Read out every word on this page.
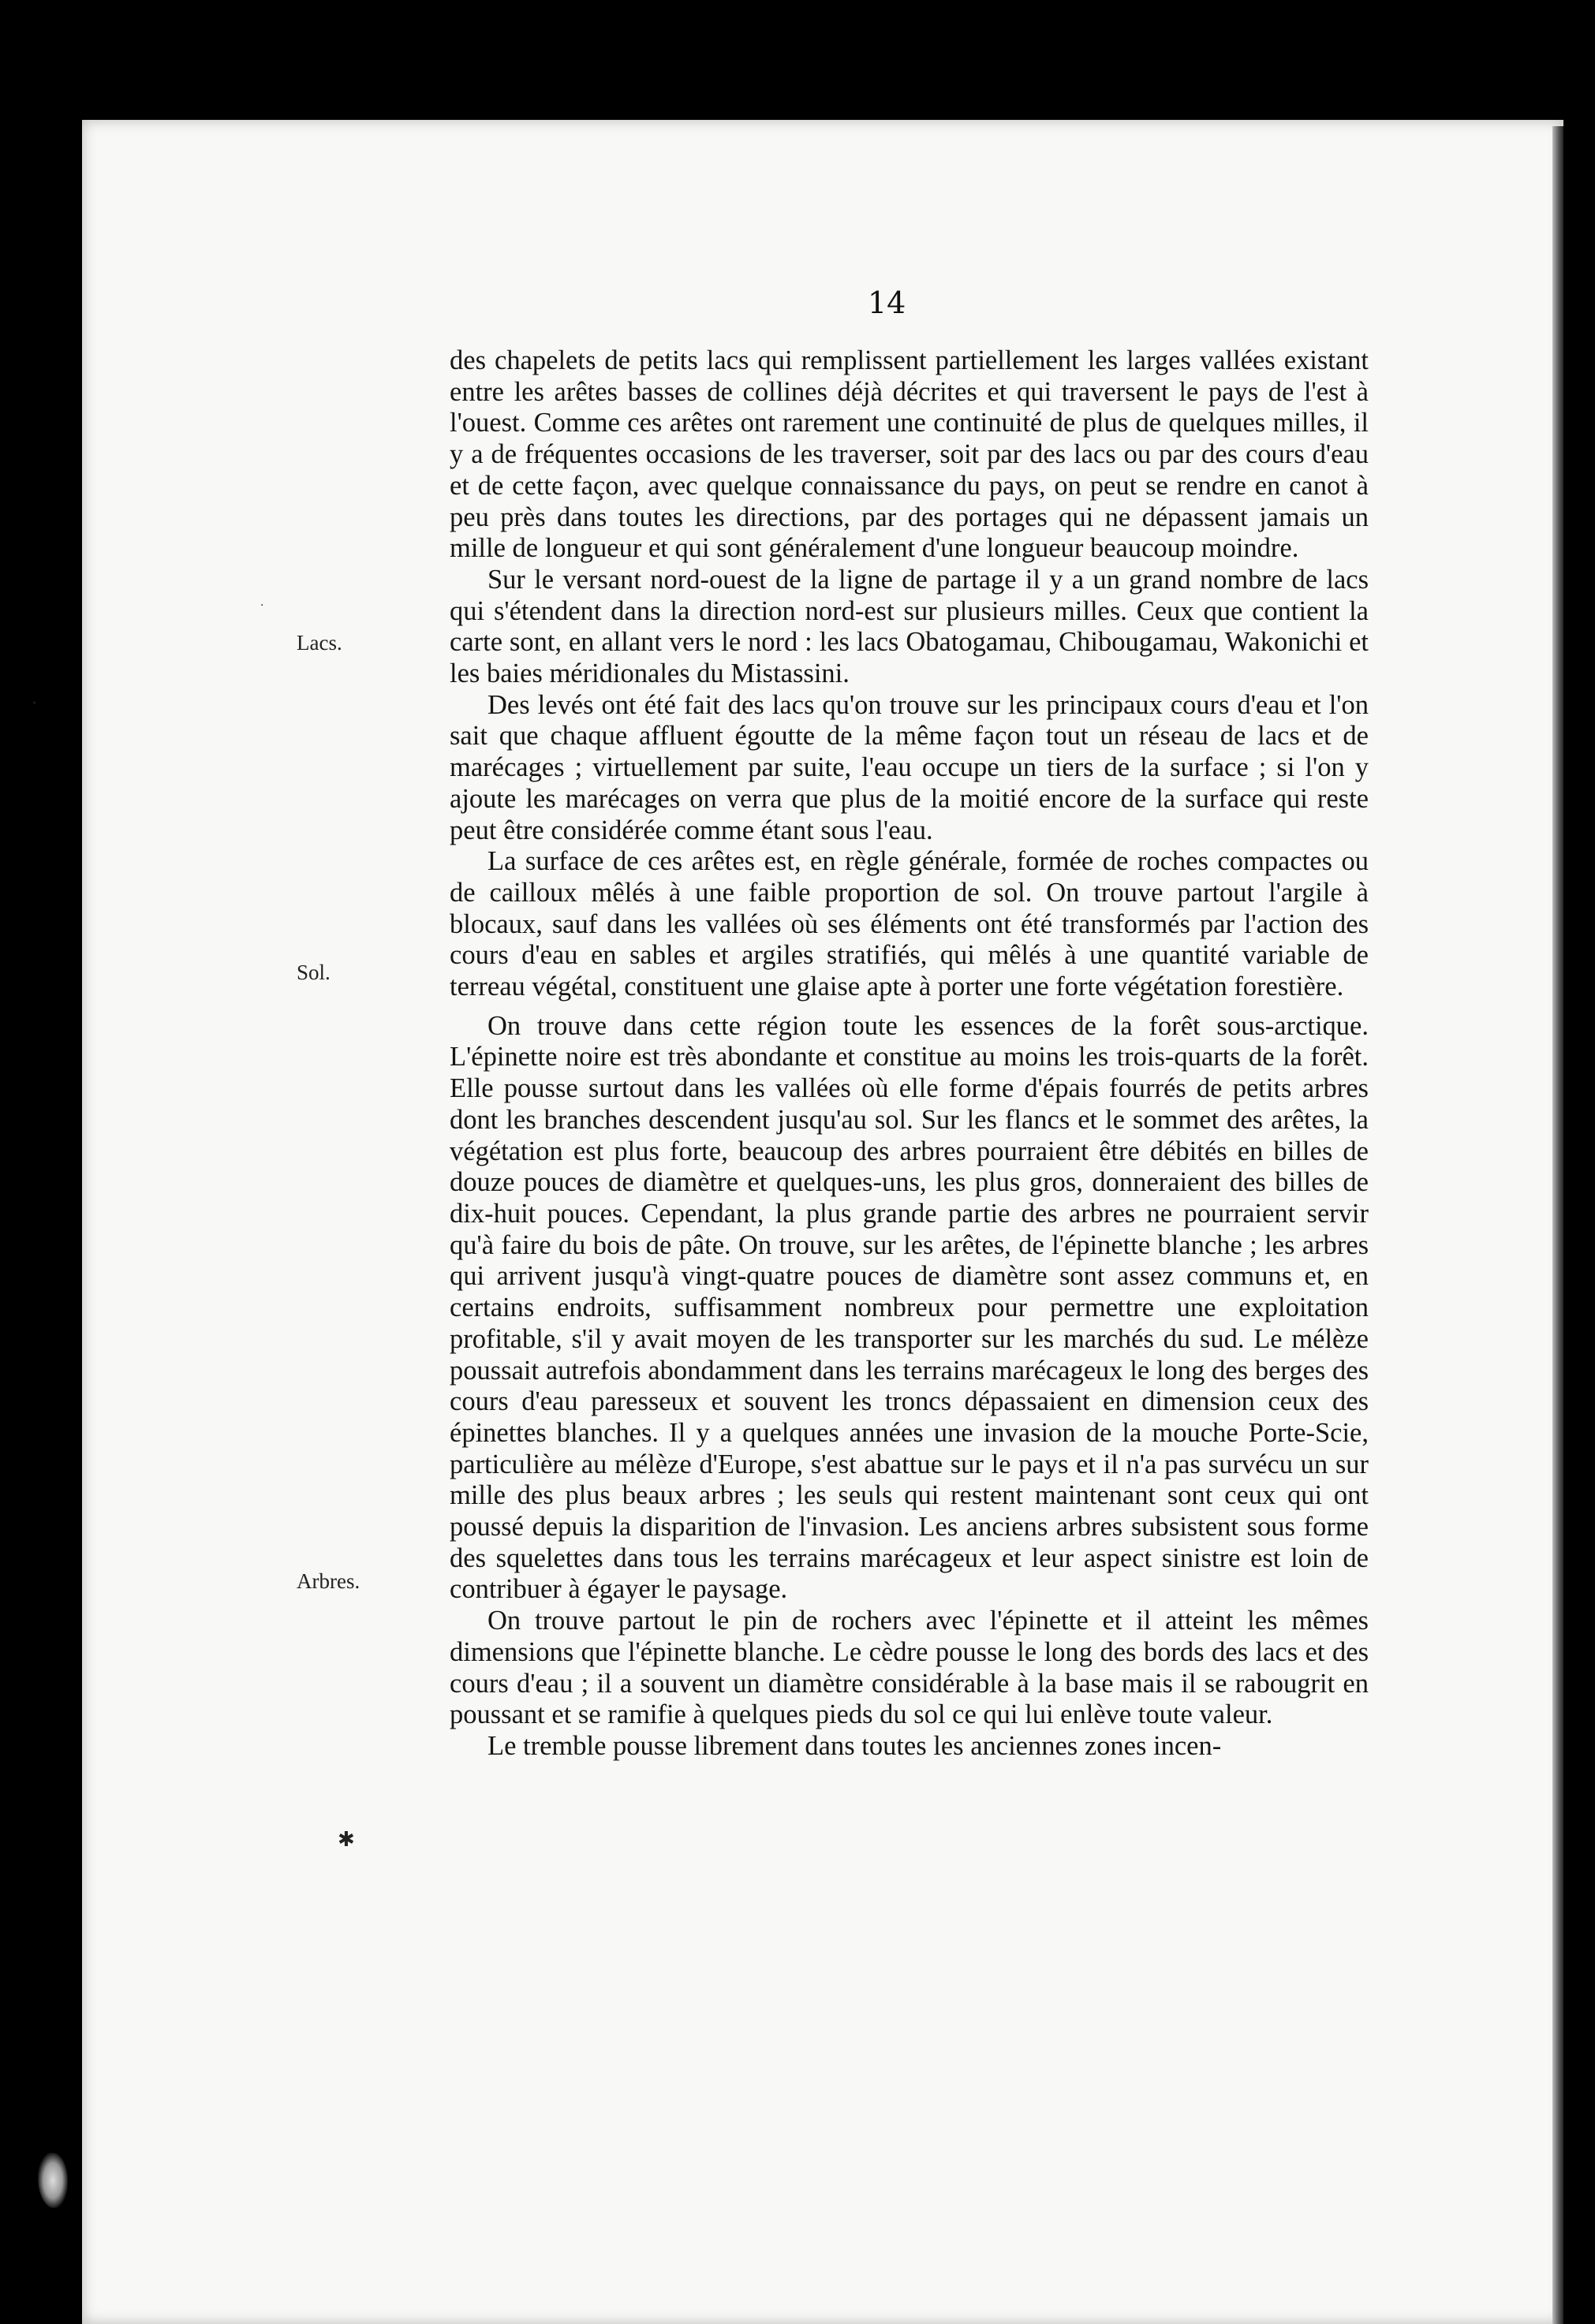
14
Lacs.
Sol.
Arbres.
·
·
✱

des chapelets de petits lacs qui remplissent partiellement les larges vallées existant entre les arêtes basses de collines déjà décrites et qui traversent le pays de l'est à l'ouest. Comme ces arêtes ont rarement une continuité de plus de quelques milles, il y a de fréquentes occasions de les traverser, soit par des lacs ou par des cours d'eau et de cette façon, avec quelque connaissance du pays, on peut se rendre en canot à peu près dans toutes les directions, par des portages qui ne dépassent jamais un mille de longueur et qui sont généralement d'une longueur beaucoup moindre.

Sur le versant nord-ouest de la ligne de partage il y a un grand nombre de lacs qui s'étendent dans la direction nord-est sur plusieurs milles. Ceux que contient la carte sont, en allant vers le nord : les lacs Obatogamau, Chibougamau, Wakonichi et les baies méridionales du Mistassini.

Des levés ont été fait des lacs qu'on trouve sur les principaux cours d'eau et l'on sait que chaque affluent égoutte de la même façon tout un réseau de lacs et de marécages ; virtuellement par suite, l'eau occupe un tiers de la surface ; si l'on y ajoute les marécages on verra que plus de la moitié encore de la surface qui reste peut être considérée comme étant sous l'eau.

La surface de ces arêtes est, en règle générale, formée de roches compactes ou de cailloux mêlés à une faible proportion de sol. On trouve partout l'argile à blocaux, sauf dans les vallées où ses éléments ont été transformés par l'action des cours d'eau en sables et argiles stratifiés, qui mêlés à une quantité variable de terreau végétal, constituent une glaise apte à porter une forte végétation forestière.

On trouve dans cette région toute les essences de la forêt sous-arctique. L'épinette noire est très abondante et constitue au moins les trois-quarts de la forêt. Elle pousse surtout dans les vallées où elle forme d'épais fourrés de petits arbres dont les branches descendent jusqu'au sol. Sur les flancs et le sommet des arêtes, la végétation est plus forte, beaucoup des arbres pourraient être débités en billes de douze pouces de diamètre et quelques-uns, les plus gros, donneraient des billes de dix-huit pouces. Cependant, la plus grande partie des arbres ne pourraient servir qu'à faire du bois de pâte. On trouve, sur les arêtes, de l'épinette blanche ; les arbres qui arrivent jusqu'à vingt-quatre pouces de diamètre sont assez communs et, en certains endroits, suffisamment nombreux pour permettre une exploitation profitable, s'il y avait moyen de les transporter sur les marchés du sud. Le mélèze poussait autrefois abondamment dans les terrains marécageux le long des berges des cours d'eau paresseux et souvent les troncs dépassaient en dimension ceux des épinettes blanches. Il y a quelques années une invasion de la mouche Porte-Scie, particulière au mélèze d'Europe, s'est abattue sur le pays et il n'a pas survécu un sur mille des plus beaux arbres ; les seuls qui restent maintenant sont ceux qui ont poussé depuis la disparition de l'invasion. Les anciens arbres subsistent sous forme des squelettes dans tous les terrains marécageux et leur aspect sinistre est loin de contribuer à égayer le paysage.

On trouve partout le pin de rochers avec l'épinette et il atteint les mêmes dimensions que l'épinette blanche. Le cèdre pousse le long des bords des lacs et des cours d'eau ; il a souvent un diamètre considérable à la base mais il se rabougrit en poussant et se ramifie à quelques pieds du sol ce qui lui enlève toute valeur.

Le tremble pousse librement dans toutes les anciennes zones incen-
